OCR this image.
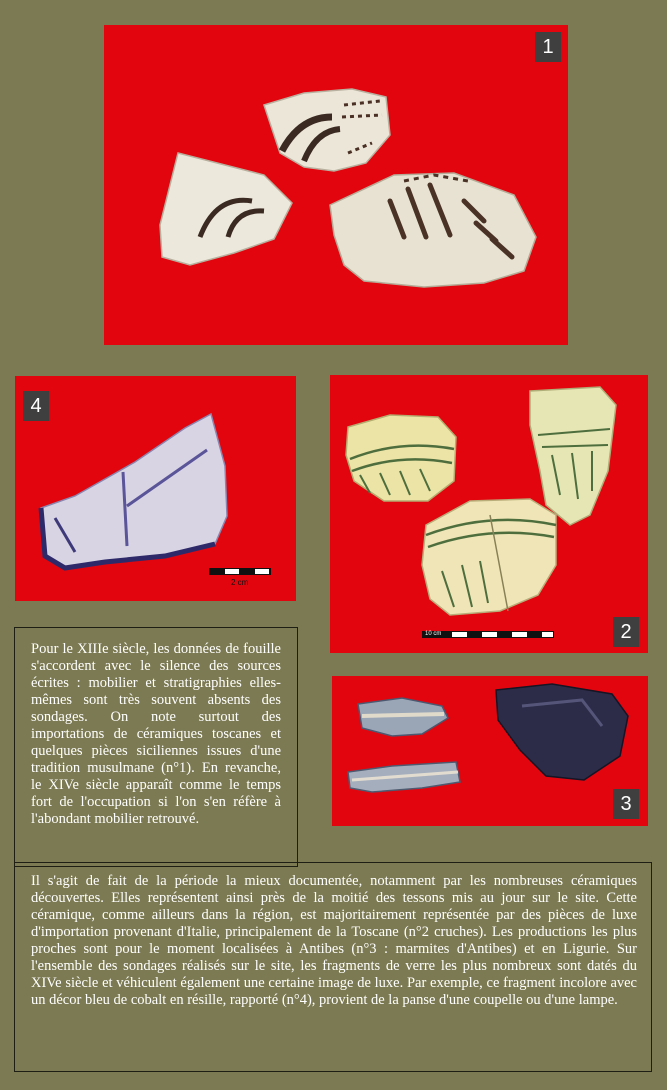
1
2 cm
4
10 cm	2
3

Pour le XIIIe siècle, les données de fouille s'accordent avec le silence des sources écrites : mobilier et stratigraphies elles-mêmes sont très souvent absents des sondages. On note surtout des importations de céramiques toscanes et quelques pièces siciliennes issues d'une tradition musulmane (n°1). En revanche, le XIVe siècle apparaît comme le temps fort de l'occupation si l'on s'en réfère à l'abondant mobilier retrouvé.

Il s'agit de fait de la période la mieux documentée, notamment par les nombreuses céramiques découvertes. Elles représentent ainsi près de la moitié des tessons mis au jour sur le site. Cette céramique, comme ailleurs dans la région, est majoritairement représentée par des pièces de luxe d'importation provenant d'Italie, principalement de la Toscane (n°2 cruches). Les productions les plus proches sont pour le moment localisées à Antibes (n°3 : marmites d'Antibes) et en Ligurie. Sur l'ensemble des sondages réalisés sur le site, les fragments de verre les plus nombreux sont datés du XIVe siècle et véhiculent également une certaine image de luxe. Par exemple, ce fragment incolore avec un décor bleu de cobalt en résille, rapporté (n°4), provient de la panse d'une coupelle ou d'une lampe.
